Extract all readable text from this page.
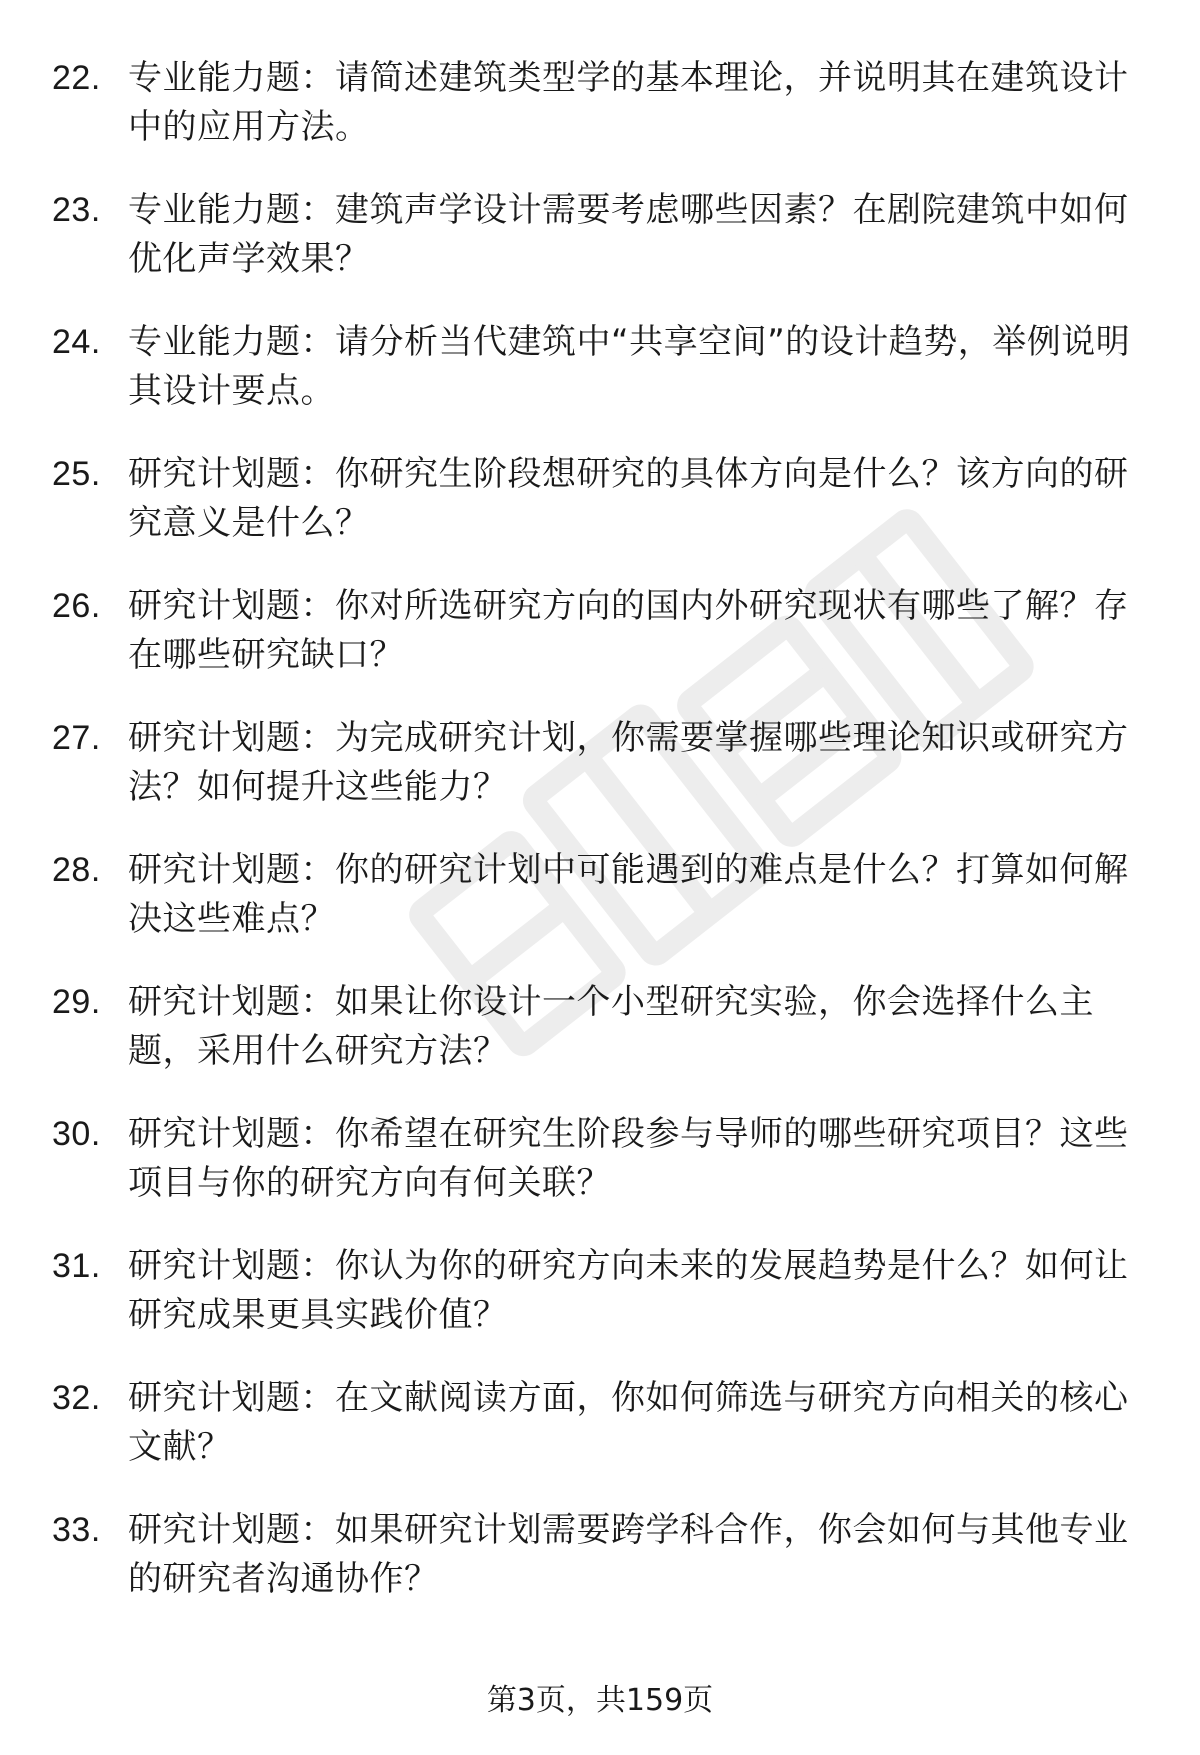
22. 专业能力题：请简述建筑类型学的基本理论，并说明其在建筑设计中的应用方法。
23. 专业能力题：建筑声学设计需要考虑哪些因素？在剧院建筑中如何优化声学效果？
24. 专业能力题：请分析当代建筑中“共享空间”的设计趋势，举例说明其设计要点。
25. 研究计划题：你研究生阶段想研究的具体方向是什么？该方向的研究意义是什么？
26. 研究计划题：你对所选研究方向的国内外研究现状有哪些了解？存在哪些研究缺口？
27. 研究计划题：为完成研究计划，你需要掌握哪些理论知识或研究方法？如何提升这些能力？
28. 研究计划题：你的研究计划中可能遇到的难点是什么？打算如何解决这些难点？
29. 研究计划题：如果让你设计一个小型研究实验，你会选择什么主题，采用什么研究方法？
30. 研究计划题：你希望在研究生阶段参与导师的哪些研究项目？这些项目与你的研究方向有何关联？
31. 研究计划题：你认为你的研究方向未来的发展趋势是什么？如何让研究成果更具实践价值？
32. 研究计划题：在文献阅读方面，你如何筛选与研究方向相关的核心文献？
33. 研究计划题：如果研究计划需要跨学科合作，你会如何与其他专业的研究者沟通协作？
第3页，共159页
